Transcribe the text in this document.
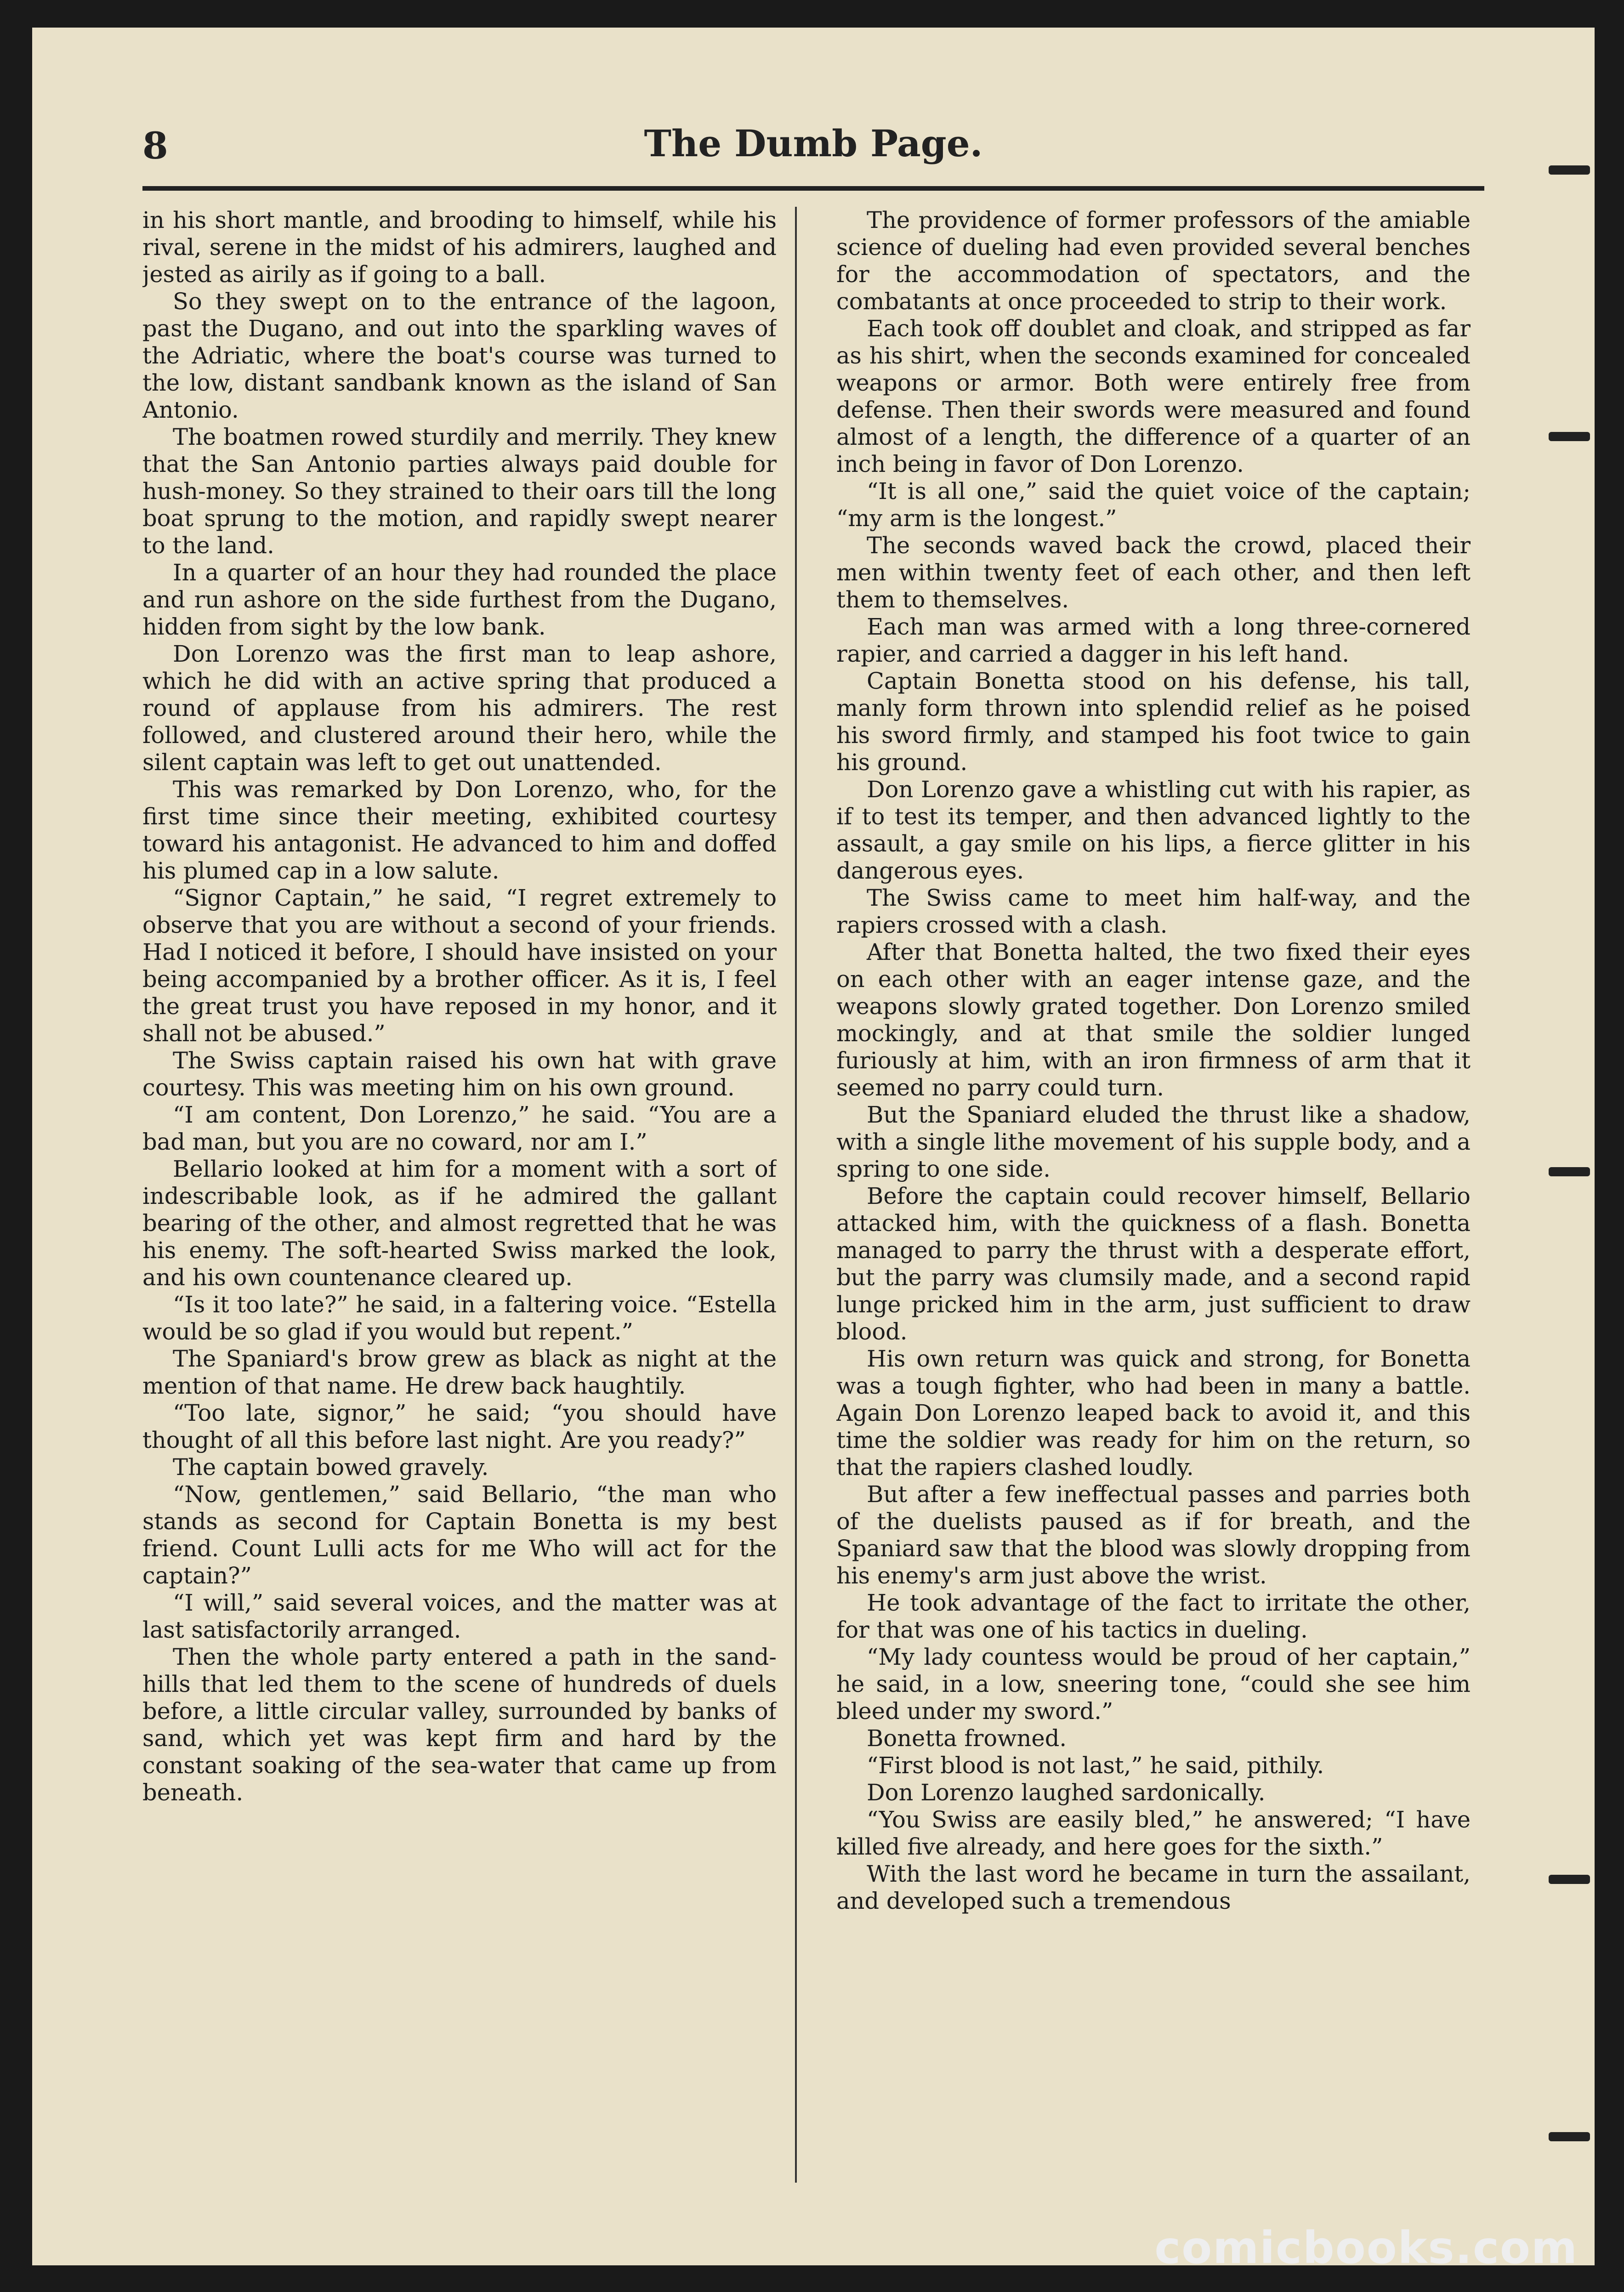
8	The Dumb Page.

in his short mantle, and brooding to himself, while his rival, serene in the midst of his admirers, laughed and jested as airily as if going to a ball.

So they swept on to the entrance of the lagoon, past the Dugano, and out into the sparkling waves of the Adriatic, where the boat's course was turned to the low, distant sandbank known as the island of San Antonio.

The boatmen rowed sturdily and merrily. They knew that the San Antonio parties always paid double for hush-money. So they strained to their oars till the long boat sprung to the motion, and rapidly swept nearer to the land.

In a quarter of an hour they had rounded the place and run ashore on the side furthest from the Dugano, hidden from sight by the low bank.

Don Lorenzo was the first man to leap ashore, which he did with an active spring that produced a round of applause from his admirers. The rest followed, and clustered around their hero, while the silent captain was left to get out unattended.

This was remarked by Don Lorenzo, who, for the first time since their meeting, exhibited courtesy toward his antagonist. He advanced to him and doffed his plumed cap in a low salute.

“Signor Captain,” he said, “I regret extremely to observe that you are without a second of your friends. Had I noticed it before, I should have insisted on your being accompanied by a brother officer. As it is, I feel the great trust you have reposed in my honor, and it shall not be abused.”

The Swiss captain raised his own hat with grave courtesy. This was meeting him on his own ground.

“I am content, Don Lorenzo,” he said. “You are a bad man, but you are no coward, nor am I.”

Bellario looked at him for a moment with a sort of indescribable look, as if he admired the gallant bearing of the other, and almost regretted that he was his enemy. The soft-hearted Swiss marked the look, and his own countenance cleared up.

“Is it too late?” he said, in a faltering voice. “Estella would be so glad if you would but repent.”

The Spaniard's brow grew as black as night at the mention of that name. He drew back haughtily.

“Too late, signor,” he said; “you should have thought of all this before last night. Are you ready?”

The captain bowed gravely.

“Now, gentlemen,” said Bellario, “the man who stands as second for Captain Bonetta is my best friend. Count Lulli acts for me Who will act for the captain?”

“I will,” said several voices, and the matter was at last satisfactorily arranged.

Then the whole party entered a path in the sand-hills that led them to the scene of hundreds of duels before, a little circular valley, surrounded by banks of sand, which yet was kept firm and hard by the constant soaking of the sea-water that came up from beneath.

The providence of former professors of the amiable science of dueling had even provided several benches for the accommodation of spectators, and the combatants at once proceeded to strip to their work.

Each took off doublet and cloak, and stripped as far as his shirt, when the seconds examined for concealed weapons or armor. Both were entirely free from defense. Then their swords were measured and found almost of a length, the difference of a quarter of an inch being in favor of Don Lorenzo.

“It is all one,” said the quiet voice of the captain; “my arm is the longest.”

The seconds waved back the crowd, placed their men within twenty feet of each other, and then left them to themselves.

Each man was armed with a long three-cornered rapier, and carried a dagger in his left hand.

Captain Bonetta stood on his defense, his tall, manly form thrown into splendid relief as he poised his sword firmly, and stamped his foot twice to gain his ground.

Don Lorenzo gave a whistling cut with his rapier, as if to test its temper, and then advanced lightly to the assault, a gay smile on his lips, a fierce glitter in his dangerous eyes.

The Swiss came to meet him half-way, and the rapiers crossed with a clash.

After that Bonetta halted, the two fixed their eyes on each other with an eager intense gaze, and the weapons slowly grated together. Don Lorenzo smiled mockingly, and at that smile the soldier lunged furiously at him, with an iron firmness of arm that it seemed no parry could turn.

But the Spaniard eluded the thrust like a shadow, with a single lithe movement of his supple body, and a spring to one side.

Before the captain could recover himself, Bellario attacked him, with the quickness of a flash. Bonetta managed to parry the thrust with a desperate effort, but the parry was clumsily made, and a second rapid lunge pricked him in the arm, just sufficient to draw blood.

His own return was quick and strong, for Bonetta was a tough fighter, who had been in many a battle. Again Don Lorenzo leaped back to avoid it, and this time the soldier was ready for him on the return, so that the rapiers clashed loudly.

But after a few ineffectual passes and parries both of the duelists paused as if for breath, and the Spaniard saw that the blood was slowly dropping from his enemy's arm just above the wrist.

He took advantage of the fact to irritate the other, for that was one of his tactics in dueling.

“My lady countess would be proud of her captain,” he said, in a low, sneering tone, “could she see him bleed under my sword.”

Bonetta frowned.

“First blood is not last,” he said, pithily.

Don Lorenzo laughed sardonically.

“You Swiss are easily bled,” he answered; “I have killed five already, and here goes for the sixth.”

With the last word he became in turn the assailant, and developed such a tremendous

comicbooks.com
